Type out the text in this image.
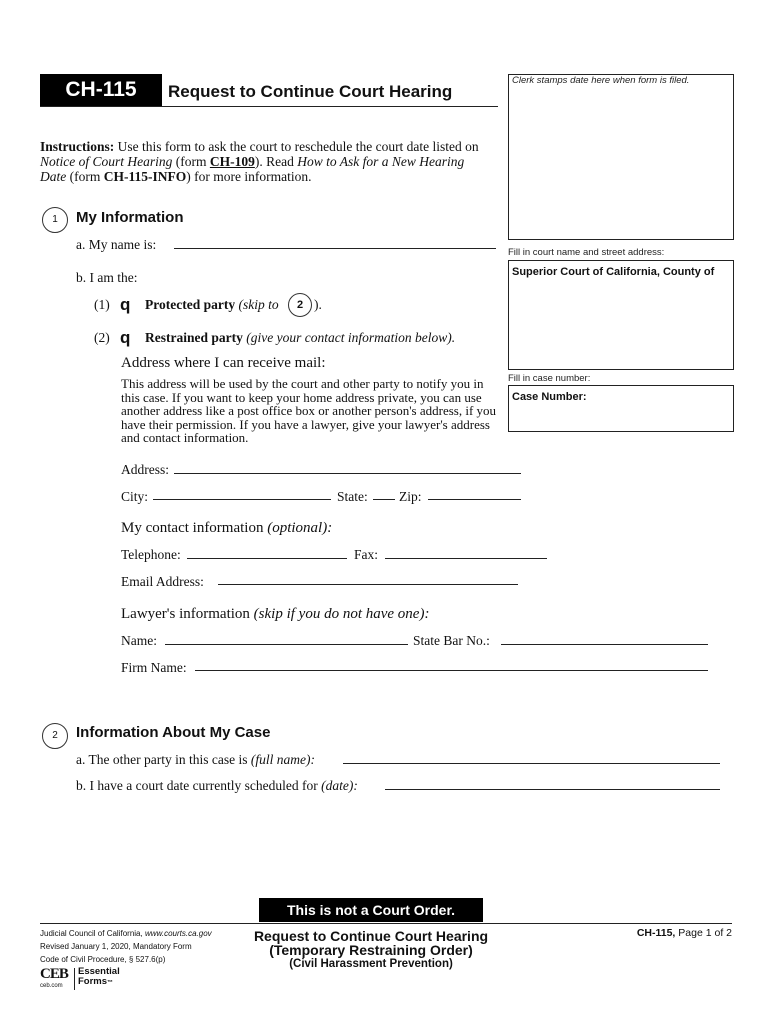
CH-115	Request to Continue Court Hearing
Clerk stamps date here when form is filed.
Fill in court name and street address:
Superior Court of California, County of
Fill in case number:
Case Number:
Instructions: Use this form to ask the court to reschedule the court date listed on Notice of Court Hearing (form CH-109). Read How to Ask for a New Hearing Date (form CH-115-INFO) for more information.
1	My Information
a. My name is:
b. I am the:
(1) q Protected party (skip to	2 ).
(2) q Restrained party (give your contact information below).
Address where I can receive mail:
This address will be used by the court and other party to notify you in this case. If you want to keep your home address private, you can use another address like a post office box or another person's address, if you have their permission. If you have a lawyer, give your lawyer's address and contact information.
Address:
City:	State: Zip:
My contact information (optional):
Telephone:	Fax:
Email Address:
Lawyer's information (skip if you do not have one):
Name:	State Bar No.:
Firm Name:
2	Information About My Case
a. The other party in this case is (full name):
b. I have a court date currently scheduled for (date):
This is not a Court Order.
Judicial Council of California, www.courts.ca.gov
Revised January 1, 2020, Mandatory Form
Code of Civil Procedure, § 527.6(p)
CEB
ceb.com
Essential
Forms™
Request to Continue Court Hearing
(Temporary Restraining Order)
(Civil Harassment Prevention)
CH-115, Page 1 of 2
